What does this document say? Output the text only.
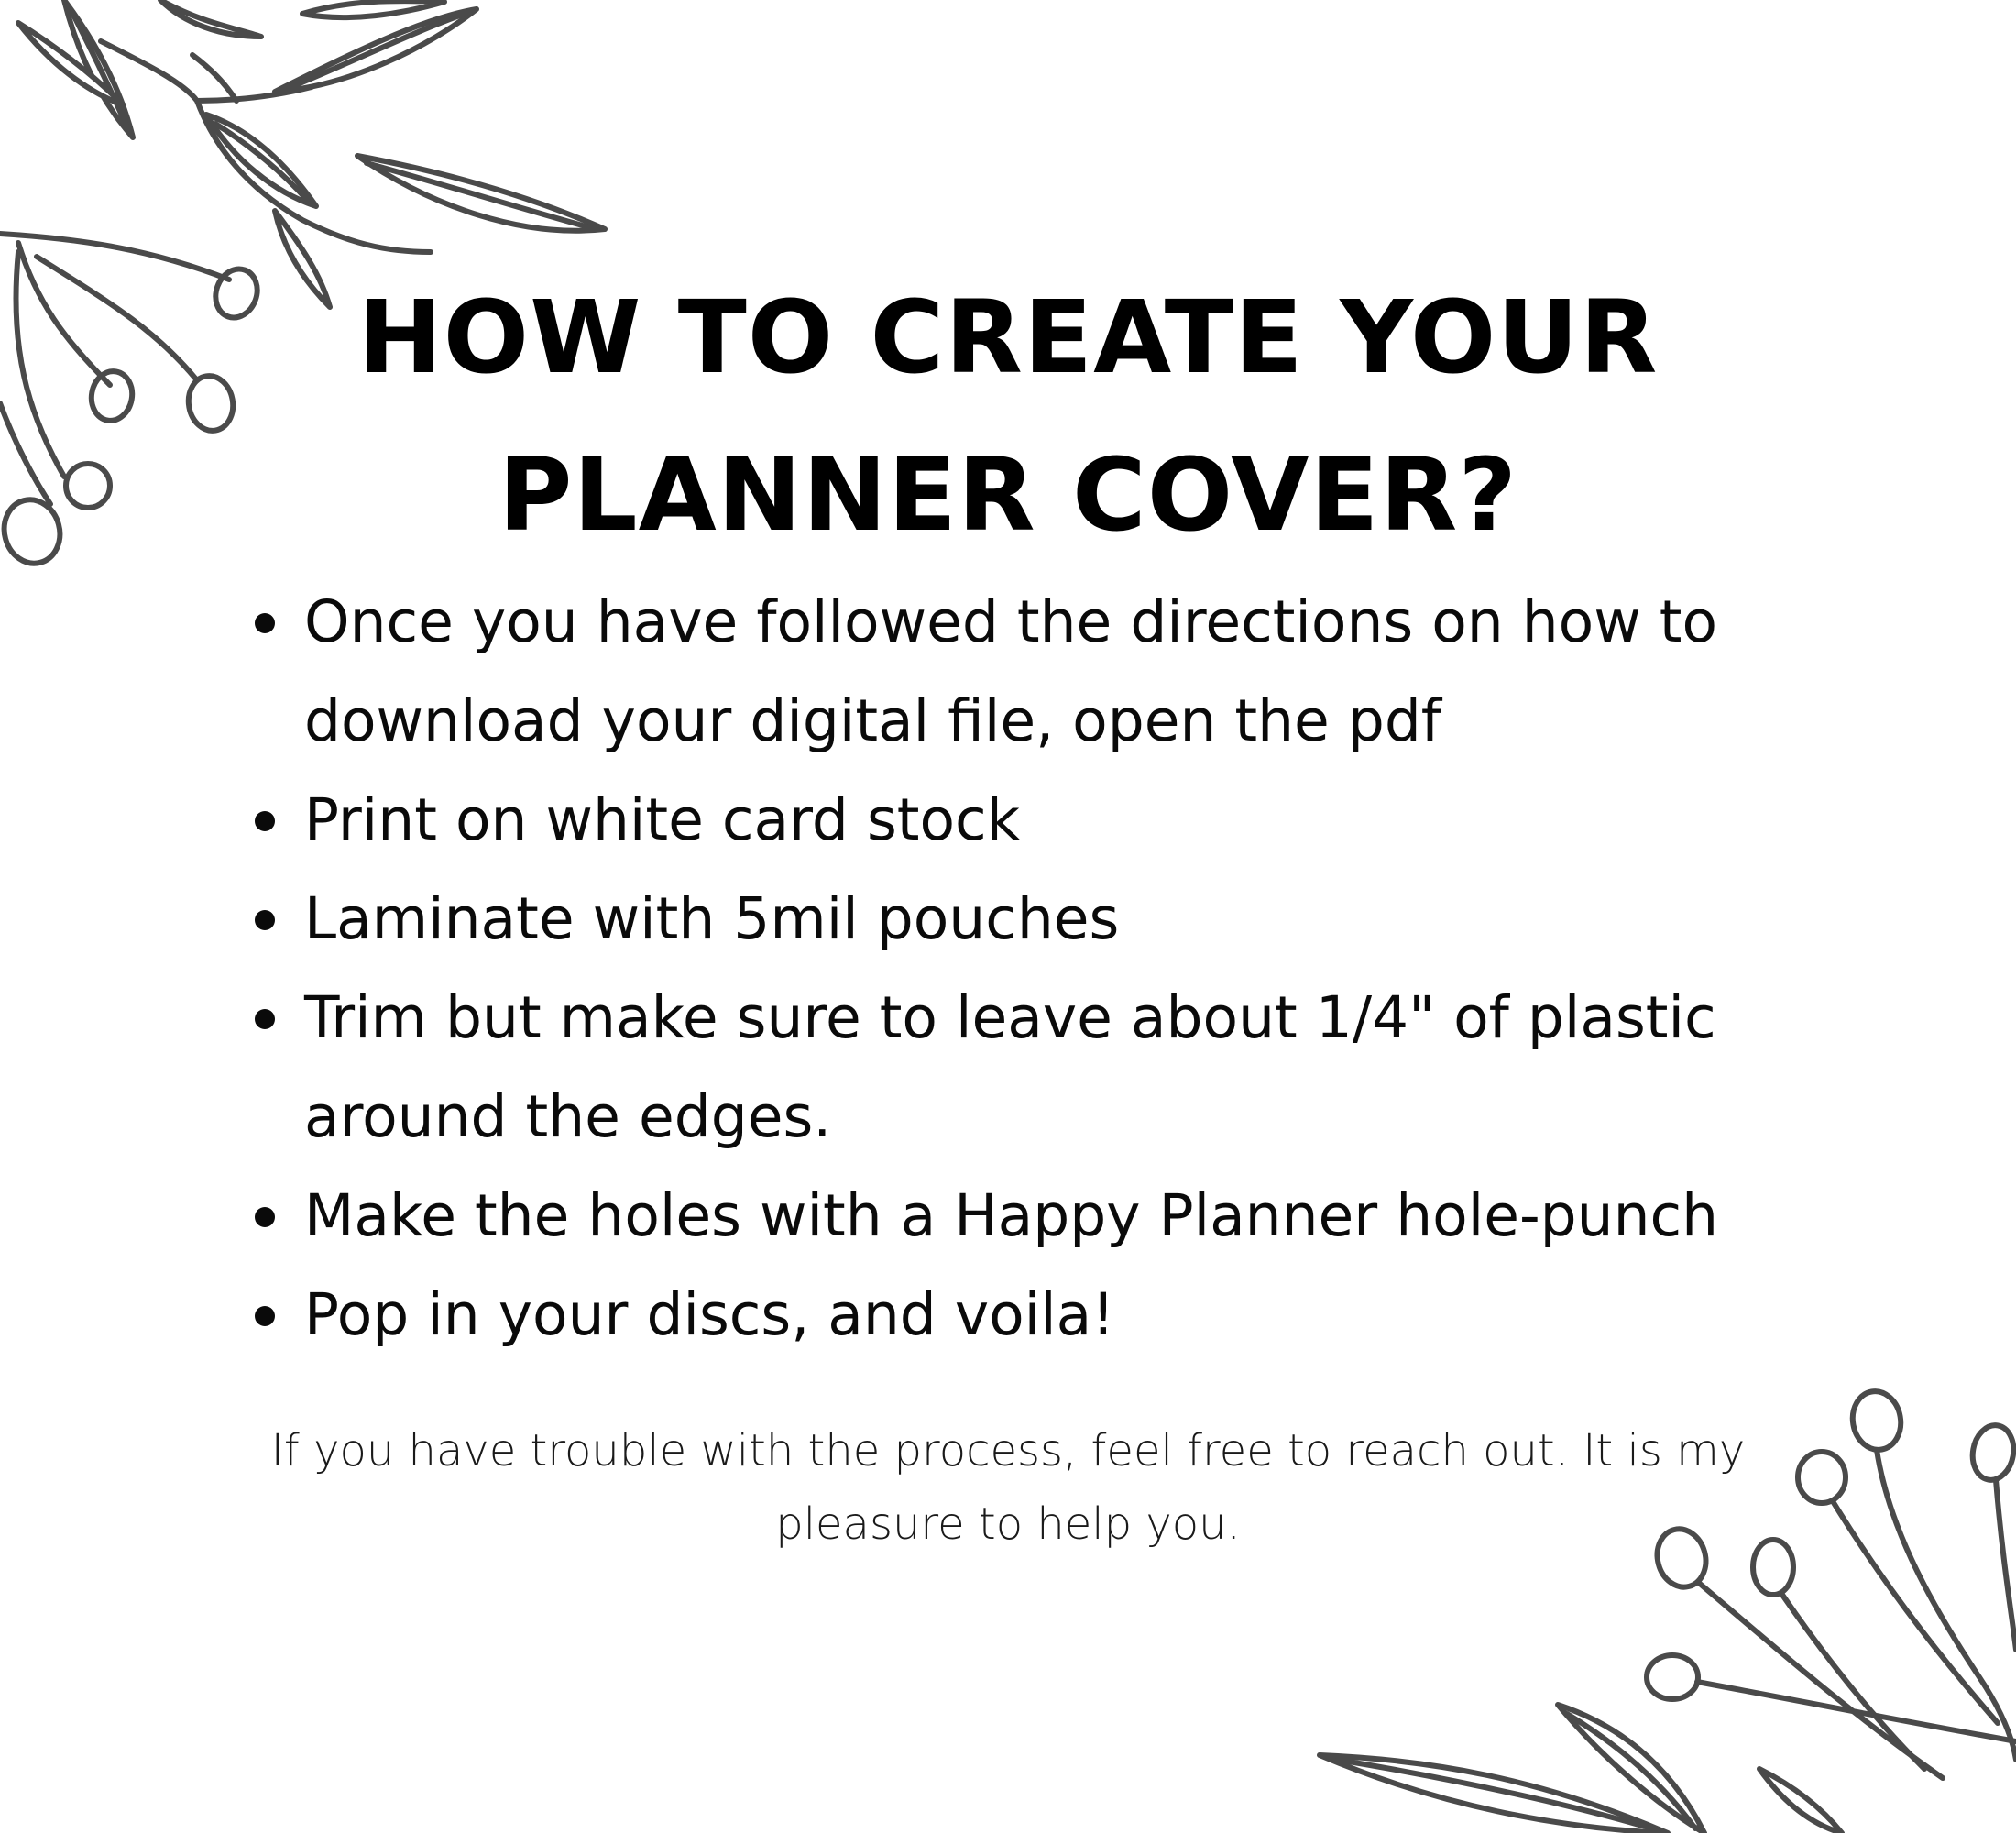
HOW TO CREATE YOUR
PLANNER COVER?
Once you have followed the directions on how to download your digital file, open the pdf
Print on white card stock
Laminate with 5mil pouches
Trim but make sure to leave about 1/4" of plastic around the edges.
Make the holes with a Happy Planner hole-punch
Pop in your discs, and voila!

If you have trouble with the process, feel free to reach out. It is my pleasure to help you.
